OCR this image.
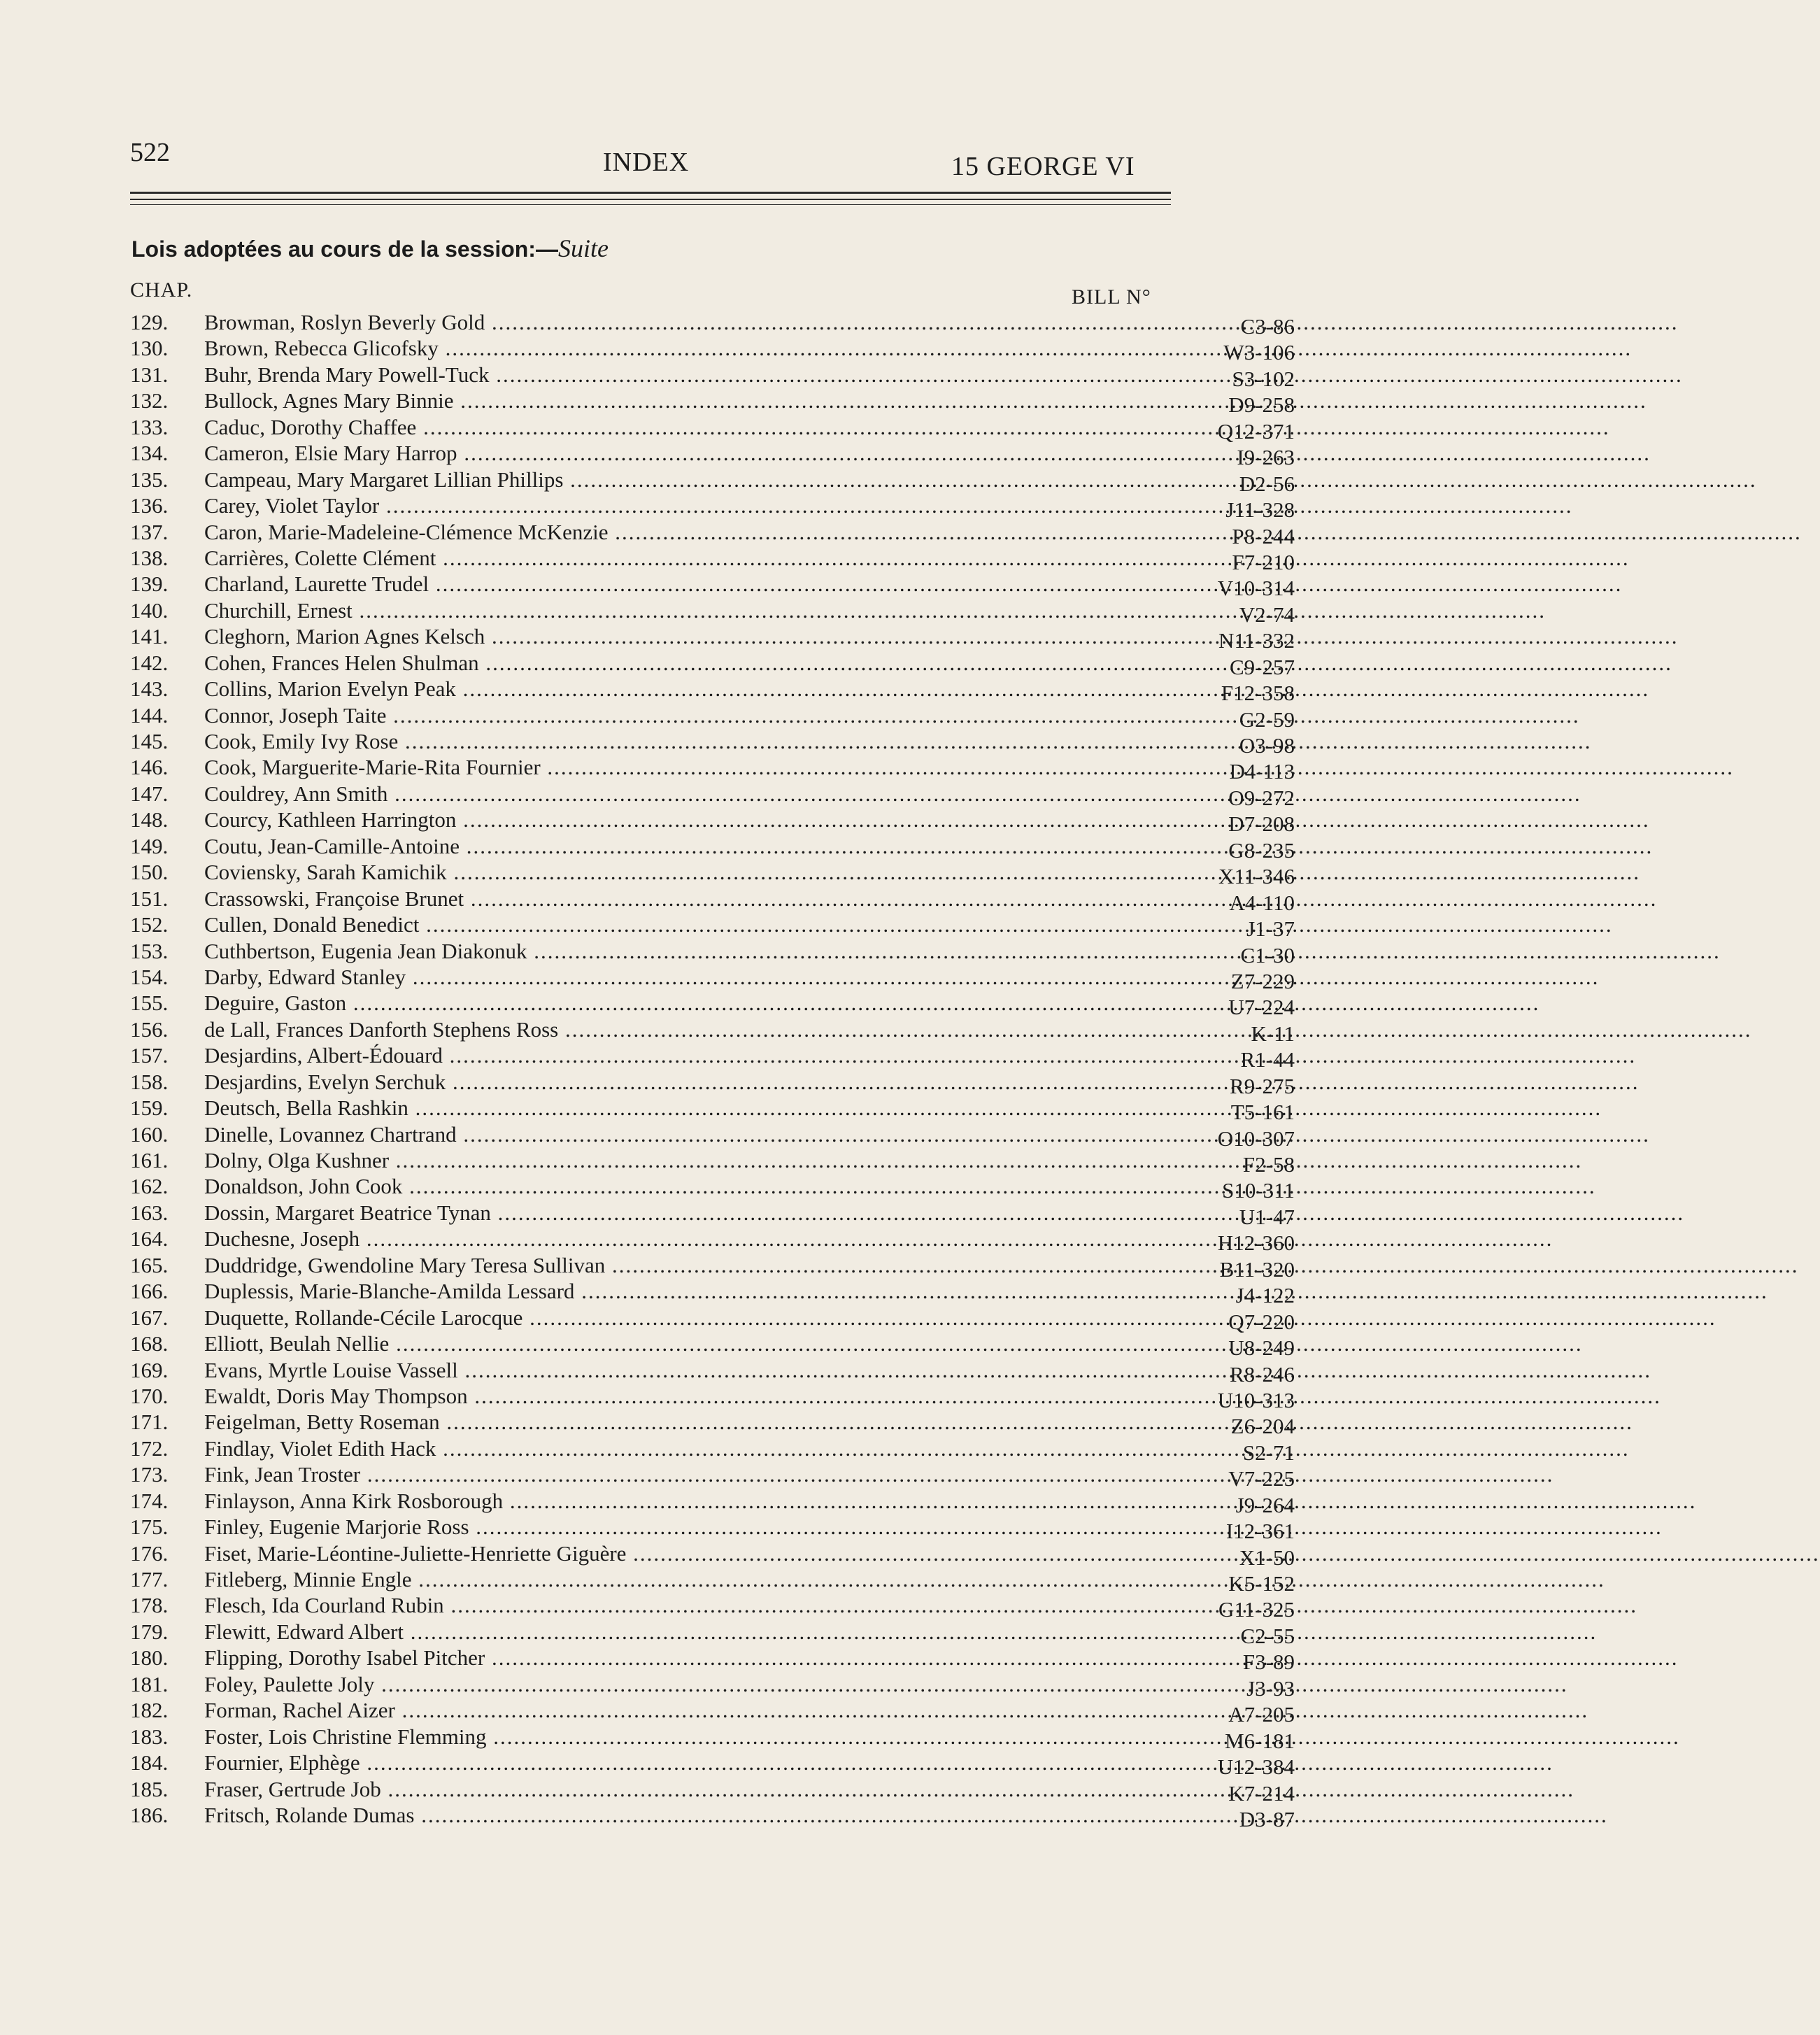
522	INDEX	15 GEORGE VI
Lois adoptées au cours de la session:—Suite
CHAP.	BILL N°
129.	Browman, Roslyn Beverly Gold .....	C3-86
130.	Brown, Rebecca Glicofsky .....	W3-106
131.	Buhr, Brenda Mary Powell-Tuck .....	S3-102
132.	Bullock, Agnes Mary Binnie .....	D9-258
133.	Caduc, Dorothy Chaffee .....	Q12-371
134.	Cameron, Elsie Mary Harrop .....	I9-263
135.	Campeau, Mary Margaret Lillian Phillips .....	D2-56
136.	Carey, Violet Taylor .....	J11-328
137.	Caron, Marie-Madeleine-Clémence McKenzie .....	P8-244
138.	Carrières, Colette Clément .....	F7-210
139.	Charland, Laurette Trudel .....	V10-314
140.	Churchill, Ernest .....	V2-74
141.	Cleghorn, Marion Agnes Kelsch .....	N11-332
142.	Cohen, Frances Helen Shulman .....	C9-257
143.	Collins, Marion Evelyn Peak .....	F12-358
144.	Connor, Joseph Taite .....	G2-59
145.	Cook, Emily Ivy Rose .....	O3-98
146.	Cook, Marguerite-Marie-Rita Fournier .....	D4-113
147.	Couldrey, Ann Smith .....	O9-272
148.	Courcy, Kathleen Harrington .....	D7-208
149.	Coutu, Jean-Camille-Antoine .....	G8-235
150.	Coviensky, Sarah Kamichik .....	X11-346
151.	Crassowski, Françoise Brunet .....	A4-110
152.	Cullen, Donald Benedict .....	J1-37
153.	Cuthbertson, Eugenia Jean Diakonuk .....	C1-30
154.	Darby, Edward Stanley .....	Z7-229
155.	Deguire, Gaston .....	U7-224
156.	de Lall, Frances Danforth Stephens Ross .....	K-11
157.	Desjardins, Albert-Édouard .....	R1-44
158.	Desjardins, Evelyn Serchuk .....	R9-275
159.	Deutsch, Bella Rashkin .....	T5-161
160.	Dinelle, Lovannez Chartrand .....	O10-307
161.	Dolny, Olga Kushner .....	F2-58
162.	Donaldson, John Cook .....	S10-311
163.	Dossin, Margaret Beatrice Tynan .....	U1-47
164.	Duchesne, Joseph .....	H12-360
165.	Duddridge, Gwendoline Mary Teresa Sullivan .....	B11-320
166.	Duplessis, Marie-Blanche-Amilda Lessard .....	J4-122
167.	Duquette, Rollande-Cécile Larocque .....	Q7-220
168.	Elliott, Beulah Nellie .....	U8-249
169.	Evans, Myrtle Louise Vassell .....	R8-246
170.	Ewaldt, Doris May Thompson .....	U10-313
171.	Feigelman, Betty Roseman .....	Z6-204
172.	Findlay, Violet Edith Hack .....	S2-71
173.	Fink, Jean Troster .....	V7-225
174.	Finlayson, Anna Kirk Rosborough .....	J9-264
175.	Finley, Eugenie Marjorie Ross .....	I12-361
176.	Fiset, Marie-Léontine-Juliette-Henriette Giguère .....	X1-50
177.	Fitleberg, Minnie Engle .....	K5-152
178.	Flesch, Ida Courland Rubin .....	G11-325
179.	Flewitt, Edward Albert .....	C2-55
180.	Flipping, Dorothy Isabel Pitcher .....	F3-89
181.	Foley, Paulette Joly .....	J3-93
182.	Forman, Rachel Aizer .....	A7-205
183.	Foster, Lois Christine Flemming .....	M6-181
184.	Fournier, Elphège .....	U12-384
185.	Fraser, Gertrude Job .....	K7-214
186.	Fritsch, Rolande Dumas .....	D3-87
